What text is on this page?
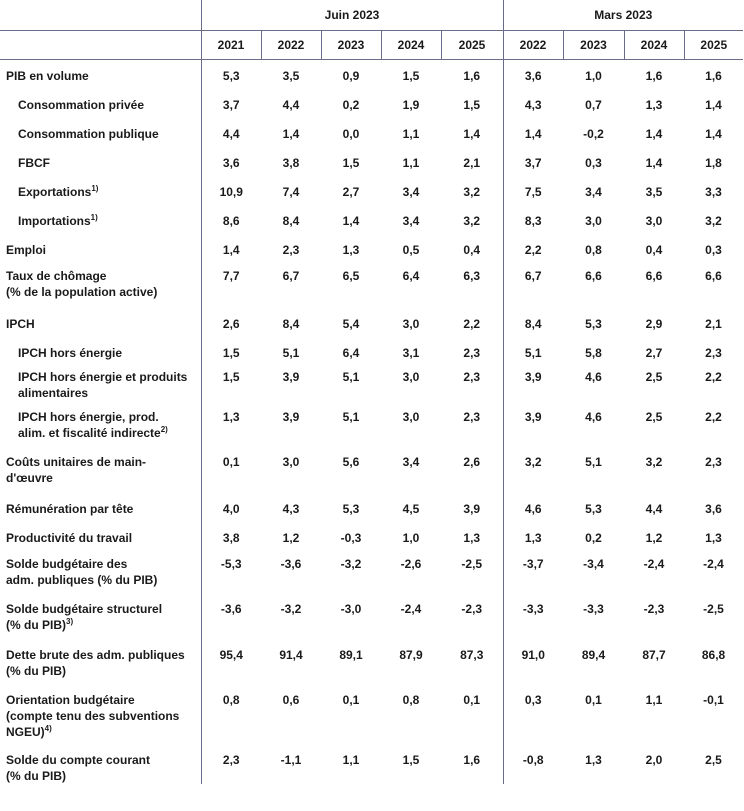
	Juin 2023					Mars 2023			
	2021	2022	2023	2024	2025	2022	2023	2024	2025
PIB en volume	5,3	3,5	0,9	1,5	1,6	3,6	1,0	1,6	1,6
Consommation privée	3,7	4,4	0,2	1,9	1,5	4,3	0,7	1,3	1,4
Consommation publique	4,4	1,4	0,0	1,1	1,4	1,4	-0,2	1,4	1,4
FBCF	3,6	3,8	1,5	1,1	2,1	3,7	0,3	1,4	1,8
Exportations$^{1)}$	10,9	7,4	2,7	3,4	3,2	7,5	3,4	3,5	3,3
Importations$^{1)}$	8,6	8,4	1,4	3,4	3,2	8,3	3,0	3,0	3,2
Emploi	1,4	2,3	1,3	0,5	0,4	2,2	0,8	0,4	0,3
Taux de chômage
(% de la population active)	7,7	6,7	6,5	6,4	6,3	6,7	6,6	6,6	6,6
IPCH	2,6	8,4	5,4	3,0	2,2	8,4	5,3	2,9	2,1
IPCH hors énergie	1,5	5,1	6,4	3,1	2,3	5,1	5,8	2,7	2,3
IPCH hors énergie et produits
alimentaires	1,5	3,9	5,1	3,0	2,3	3,9	4,6	2,5	2,2
IPCH hors énergie, prod.
alim. et fiscalité indirecte$^{2)}$	1,3	3,9	5,1	3,0	2,3	3,9	4,6	2,5	2,2
Coûts unitaires de main-
d'œuvre	0,1	3,0	5,6	3,4	2,6	3,2	5,1	3,2	2,3
Rémunération par tête	4,0	4,3	5,3	4,5	3,9	4,6	5,3	4,4	3,6
Productivité du travail	3,8	1,2	-0,3	1,0	1,3	1,3	0,2	1,2	1,3
Solde budgétaire des
adm. publiques (% du PIB)	-5,3	-3,6	-3,2	-2,6	-2,5	-3,7	-3,4	-2,4	-2,4
Solde budgétaire structurel
(% du PIB)$^{3)}$	-3,6	-3,2	-3,0	-2,4	-2,3	-3,3	-3,3	-2,3	-2,5
Dette brute des adm. publiques
(% du PIB)	95,4	91,4	89,1	87,9	87,3	91,0	89,4	87,7	86,8
Orientation budgétaire
(compte tenu des subventions
NGEU)$^{4)}$	0,8	0,6	0,1	0,8	0,1	0,3	0,1	1,1	-0,1
Solde du compte courant
(% du PIB)	2,3	-1,1	1,1	1,5	1,6	-0,8	1,3	2,0	2,5
